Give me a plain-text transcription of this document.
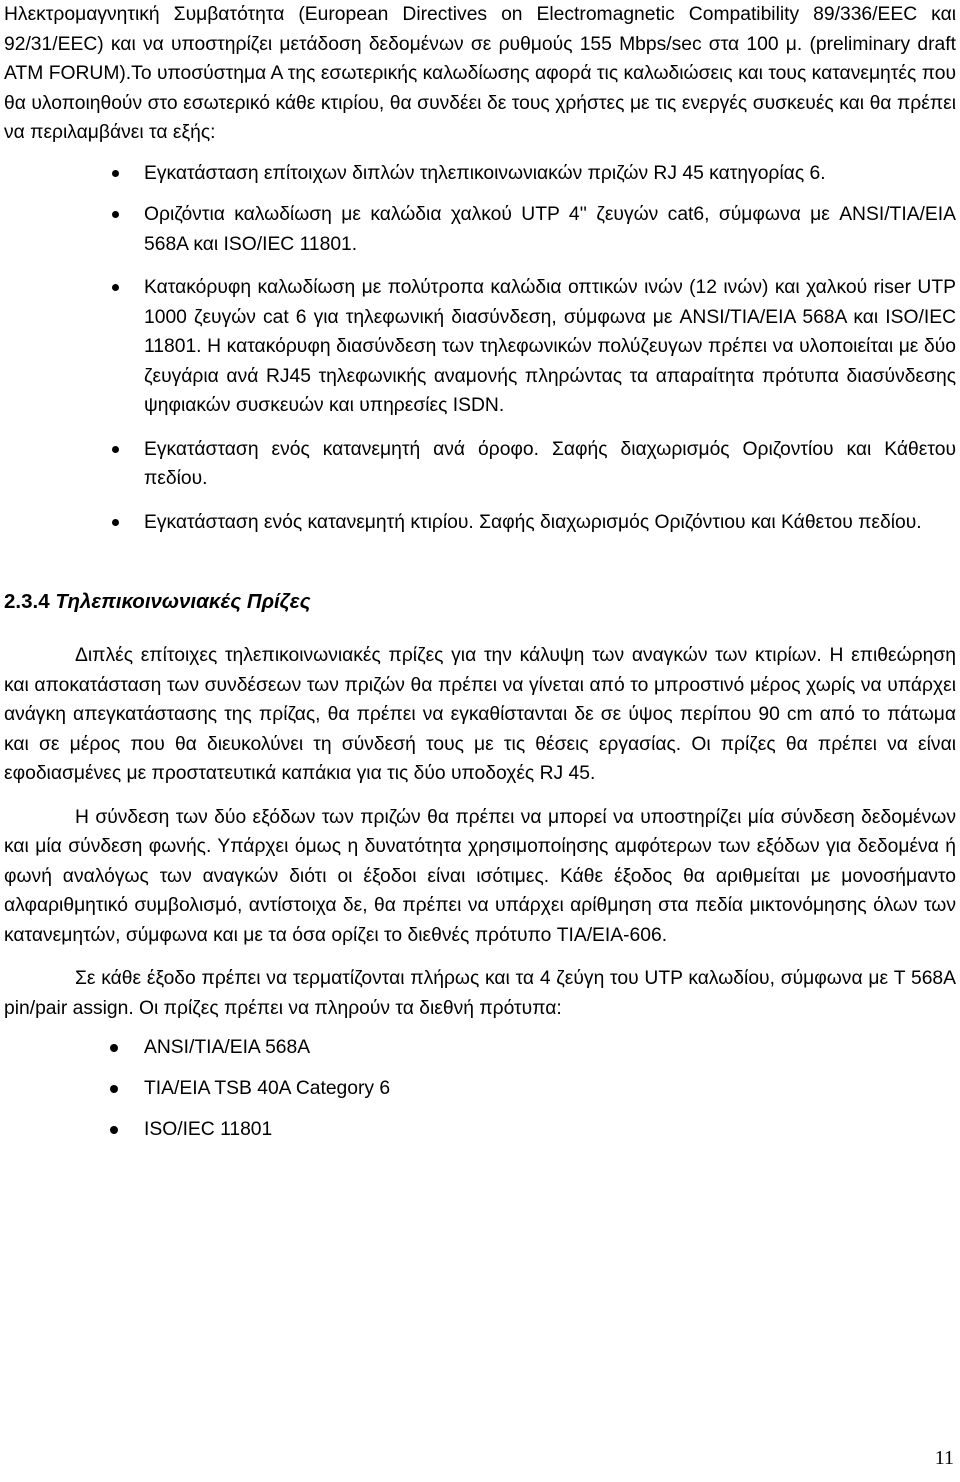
Ηλεκτρομαγνητική Συμβατότητα (European Directives on Electromagnetic Compatibility 89/336/EEC και 92/31/EEC) και να υποστηρίζει μετάδοση δεδομένων σε ρυθμούς 155 Mbps/sec στα 100 μ. (preliminary draft ATM FORUM).Το υποσύστημα Α της εσωτερικής καλωδίωσης αφορά τις καλωδιώσεις και τους κατανεμητές που θα υλοποιηθούν στο εσωτερικό κάθε κτιρίου, θα συνδέει δε τους χρήστες με τις ενεργές συσκευές και θα πρέπει να περιλαμβάνει τα εξής:

Εγκατάσταση επίτοιχων διπλών τηλεπικοινωνιακών πριζών RJ 45 κατηγορίας 6.
Οριζόντια καλωδίωση με καλώδια χαλκού UTP 4'' ζευγών cat6, σύμφωνα με ANSI/TIA/EIA 568A και ISO/IEC 11801.
Κατακόρυφη καλωδίωση με πολύτροπα καλώδια οπτικών ινών (12 ινών) και χαλκού riser UTP 1000 ζευγών cat 6 για τηλεφωνική διασύνδεση, σύμφωνα με ANSI/TIA/EIA 568A και ISO/IEC 11801. Η κατακόρυφη διασύνδεση των τηλεφωνικών πολύζευγων πρέπει να υλοποιείται με δύο ζευγάρια ανά RJ45 τηλεφωνικής αναμονής πληρώντας τα απαραίτητα πρότυπα διασύνδεσης ψηφιακών συσκευών και υπηρεσίες ISDN.
Εγκατάσταση ενός κατανεμητή ανά όροφο. Σαφής διαχωρισμός Οριζοντίου και Κάθετου πεδίου.
Εγκατάσταση ενός κατανεμητή κτιρίου. Σαφής διαχωρισμός Οριζόντιου και Κάθετου πεδίου.
2.3.4 Τηλεπικοινωνιακές Πρίζες

Διπλές επίτοιχες τηλεπικοινωνιακές πρίζες για την κάλυψη των αναγκών των κτιρίων. Η επιθεώρηση και αποκατάσταση των συνδέσεων των πριζών θα πρέπει να γίνεται από το μπροστινό μέρος χωρίς να υπάρχει ανάγκη απεγκατάστασης της πρίζας, θα πρέπει να εγκαθίστανται δε σε ύψος περίπου 90 cm από το πάτωμα και σε μέρος που θα διευκολύνει τη σύνδεσή τους με τις θέσεις εργασίας. Οι πρίζες θα πρέπει να είναι εφοδιασμένες με προστατευτικά καπάκια για τις δύο υποδοχές RJ 45.

Η σύνδεση των δύο εξόδων των πριζών θα πρέπει να μπορεί να υποστηρίζει μία σύνδεση δεδομένων και μία σύνδεση φωνής. Υπάρχει όμως η δυνατότητα χρησιμοποίησης αμφότερων των εξόδων για δεδομένα ή φωνή αναλόγως των αναγκών διότι οι έξοδοι είναι ισότιμες. Κάθε έξοδος θα αριθμείται με μονοσήμαντο αλφαριθμητικό συμβολισμό, αντίστοιχα δε, θα πρέπει να υπάρχει αρίθμηση στα πεδία μικτονόμησης όλων των κατανεμητών, σύμφωνα και με τα όσα ορίζει το διεθνές πρότυπο TIA/EIA-606.

Σε κάθε έξοδο πρέπει να τερματίζονται πλήρως και τα 4 ζεύγη του UTP καλωδίου, σύμφωνα με T 568A pin/pair assign. Οι πρίζες πρέπει να πληρούν τα διεθνή πρότυπα:

ANSI/TIA/EIA 568A
TIA/EIA TSB 40A Category 6
ISO/IEC 11801
11
